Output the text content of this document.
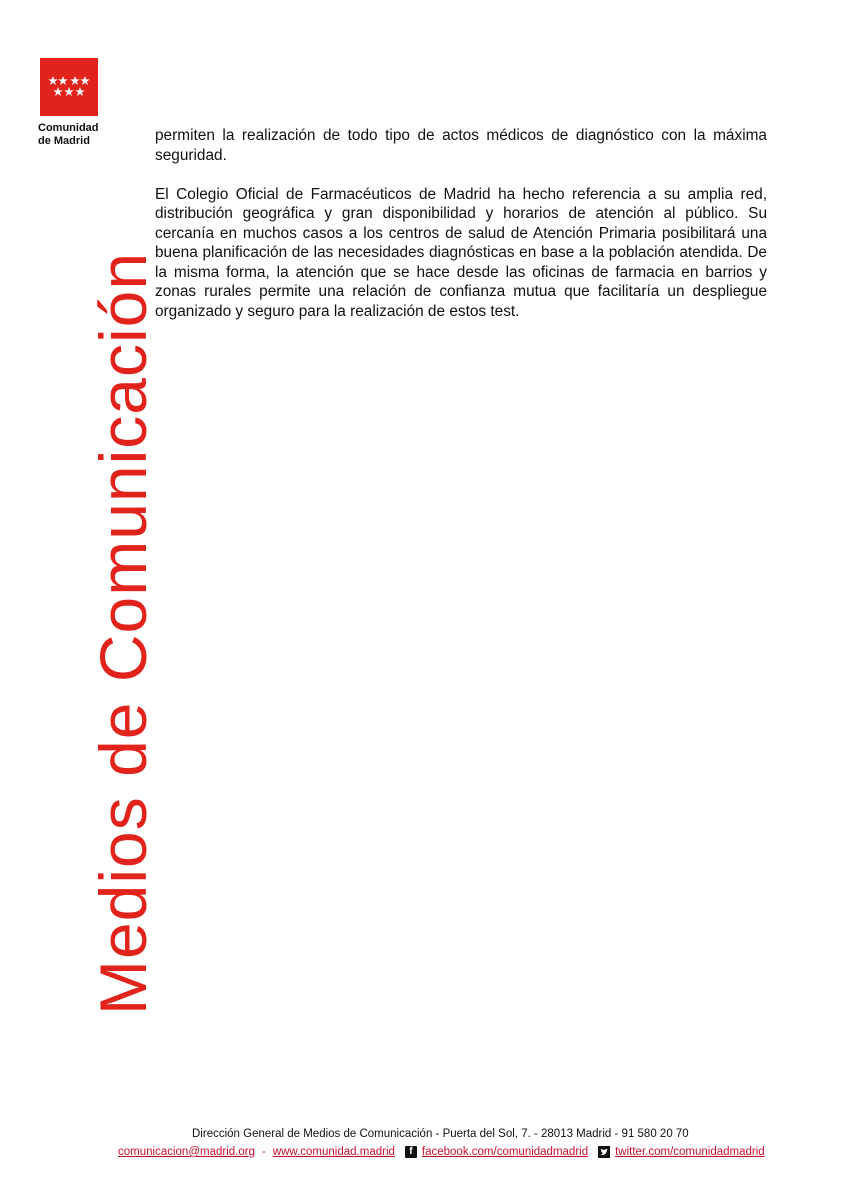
Comunidad
de Madrid
Medios de Comunicación

permiten la realización de todo tipo de actos médicos de diagnóstico con la máxima seguridad.

El Colegio Oficial de Farmacéuticos de Madrid ha hecho referencia a su amplia red, distribución geográfica y gran disponibilidad y horarios de atención al público. Su cercanía en muchos casos a los centros de salud de Atención Primaria posibilitará una buena planificación de las necesidades diagnósticas en base a la población atendida. De la misma forma, la atención que se hace desde las oficinas de farmacia en barrios y zonas rurales permite una relación de confianza mutua que facilitaría un despliegue organizado y seguro para la realización de estos test.

Dirección General de Medios de Comunicación - Puerta del Sol, 7. - 28013 Madrid - 91 580 20 70
comunicacion@madrid.org - www.comunidad.madrid	f facebook.com/comunidadmadrid twitter.com/comunidadmadrid
